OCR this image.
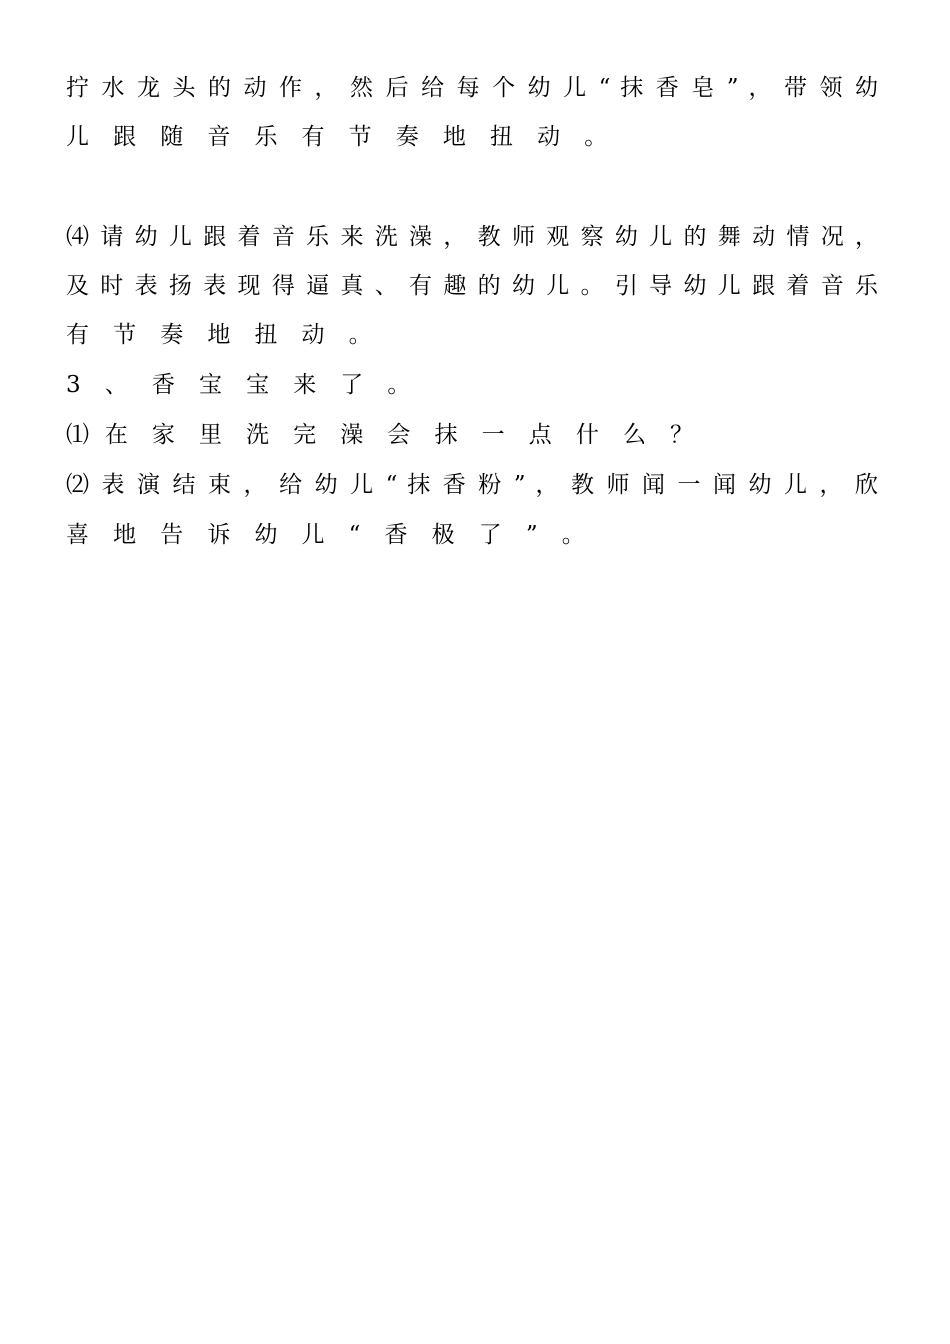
拧 水 龙 头 的 动 作 ， 然 后 给 每 个 幼 儿 “ 抹 香 皂 ” ， 带 领 幼
儿 跟 随 音 乐 有 节 奏 地 扭 动 。
⑷ 请 幼 儿 跟 着 音 乐 来 洗 澡 ， 教 师 观 察 幼 儿 的 舞 动 情 况 ，
及 时 表 扬 表 现 得 逼 真 、 有 趣 的 幼 儿 。 引 导 幼 儿 跟 着 音 乐
有 节 奏 地 扭 动 。
3 、 香 宝 宝 来 了 。
⑴ 在 家 里 洗 完 澡 会 抹 一 点 什 么 ？
⑵ 表 演 结 束 ， 给 幼 儿 “ 抹 香 粉 ” ， 教 师 闻 一 闻 幼 儿 ， 欣
喜 地 告 诉 幼 儿 “ 香 极 了 ” 。
